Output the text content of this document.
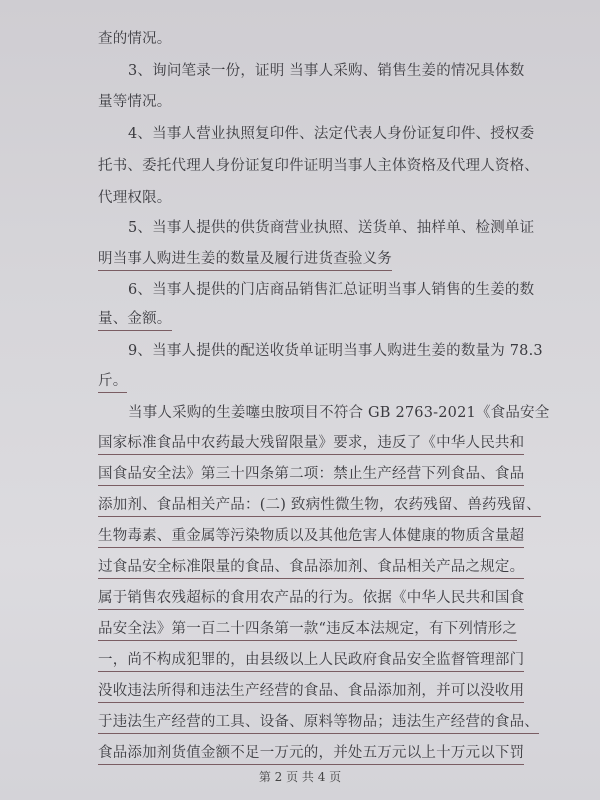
查的情况。
3、询问笔录一份，证明 当事人采购、销售生姜的情况具体数
量等情况。
4、当事人营业执照复印件、法定代表人身份证复印件、授权委
托书、委托代理人身份证复印件证明当事人主体资格及代理人资格、
代理权限。
5、当事人提供的供货商营业执照、送货单、抽样单、检测单证
明当事人购进生姜的数量及履行进货查验义务
6、当事人提供的门店商品销售汇总证明当事人销售的生姜的数
量、金额。
9、当事人提供的配送收货单证明当事人购进生姜的数量为 78.3
斤。
当事人采购的生姜噻虫胺项目不符合 GB 2763-2021《食品安全
国家标准食品中农药最大残留限量》要求，违反了《中华人民共和
国食品安全法》第三十四条第二项：禁止生产经营下列食品、食品
添加剂、食品相关产品：(二) 致病性微生物，农药残留、兽药残留、
生物毒素、重金属等污染物质以及其他危害人体健康的物质含量超
过食品安全标准限量的食品、食品添加剂、食品相关产品之规定。
属于销售农残超标的食用农产品的行为。依据《中华人民共和国食
品安全法》第一百二十四条第一款“违反本法规定，有下列情形之
一，尚不构成犯罪的，由县级以上人民政府食品安全监督管理部门
没收违法所得和违法生产经营的食品、食品添加剂，并可以没收用
于违法生产经营的工具、设备、原料等物品；违法生产经营的食品、
食品添加剂货值金额不足一万元的，并处五万元以上十万元以下罚
第 2 页 共 4 页
